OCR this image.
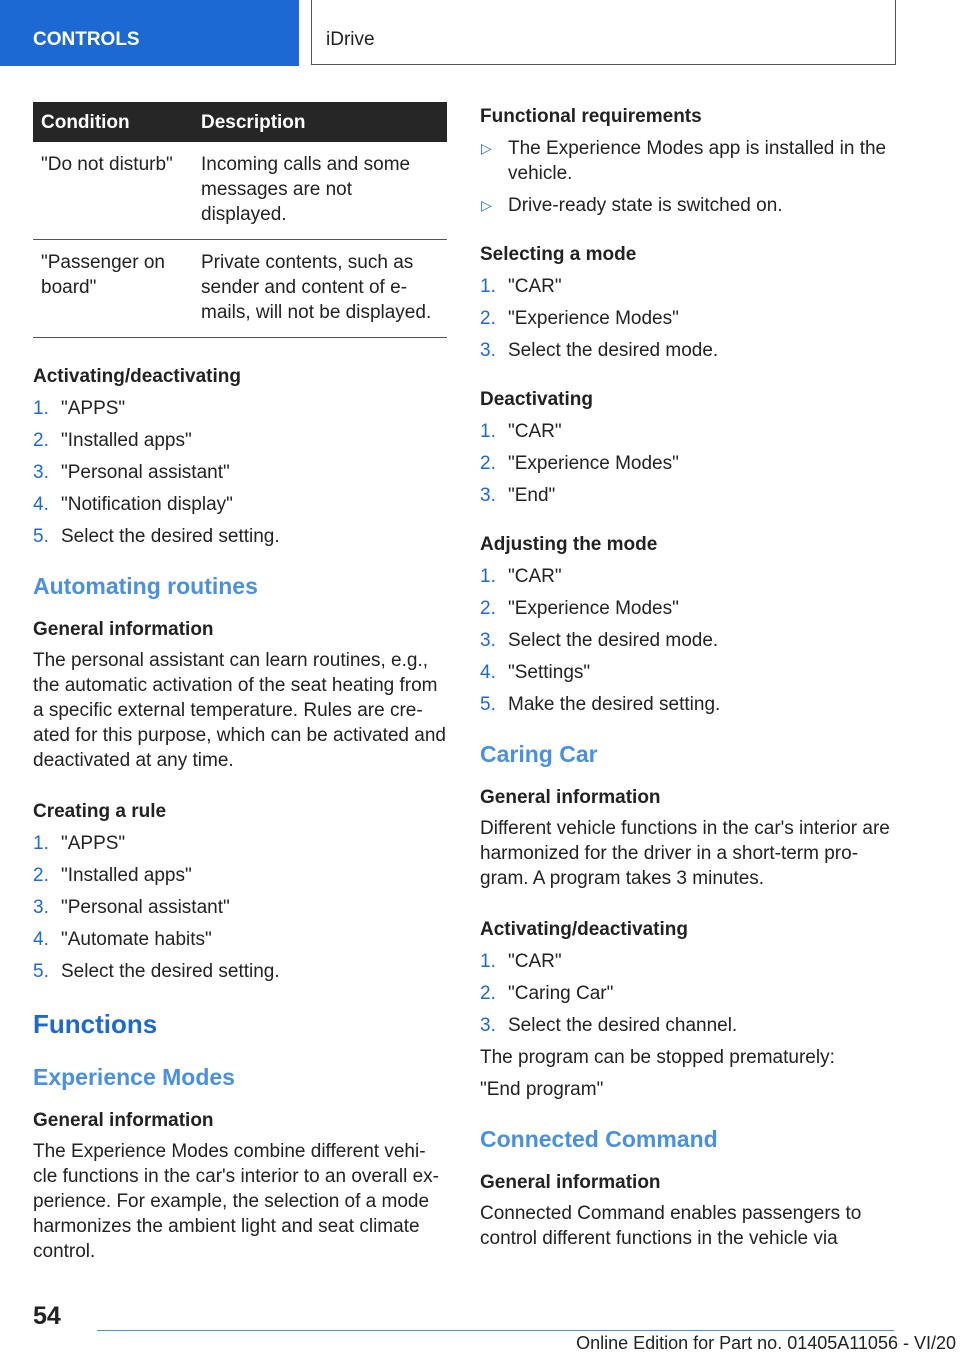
CONTROLS	iDrive
Condition	Description
"Do not disturb"	Incoming calls and some messages are not displayed.
"Passenger on board"	Private contents, such as sender and content of e-mails, will not be displayed.

Activating/deactivating

1. "APPS"
2. "Installed apps"
3. "Personal assistant"
4. "Notification display"
5. Select the desired setting.

Automating routines

General information

The personal assistant can learn routines, e.g., the automatic activation of the seat heating from a specific external temperature. Rules are cre-ated for this purpose, which can be activated and deactivated at any time.

Creating a rule

1. "APPS"
2. "Installed apps"
3. "Personal assistant"
4. "Automate habits"
5. Select the desired setting.

Functions

Experience Modes

General information

The Experience Modes combine different vehi-cle functions in the car's interior to an overall ex-perience. For example, the selection of a mode harmonizes the ambient light and seat climate control.

Functional requirements

▷ The Experience Modes app is installed in the vehicle.
▷ Drive-ready state is switched on.

Selecting a mode

1. "CAR"
2. "Experience Modes"
3. Select the desired mode.

Deactivating

1. "CAR"
2. "Experience Modes"
3. "End"

Adjusting the mode

1. "CAR"
2. "Experience Modes"
3. Select the desired mode.
4. "Settings"
5. Make the desired setting.

Caring Car

General information

Different vehicle functions in the car's interior are harmonized for the driver in a short-term pro-gram. A program takes 3 minutes.

Activating/deactivating

1. "CAR"
2. "Caring Car"
3. Select the desired channel.

The program can be stopped prematurely:

"End program"

Connected Command

General information

Connected Command enables passengers to control different functions in the vehicle via

54
Online Edition for Part no. 01405A11056 - VI/20
